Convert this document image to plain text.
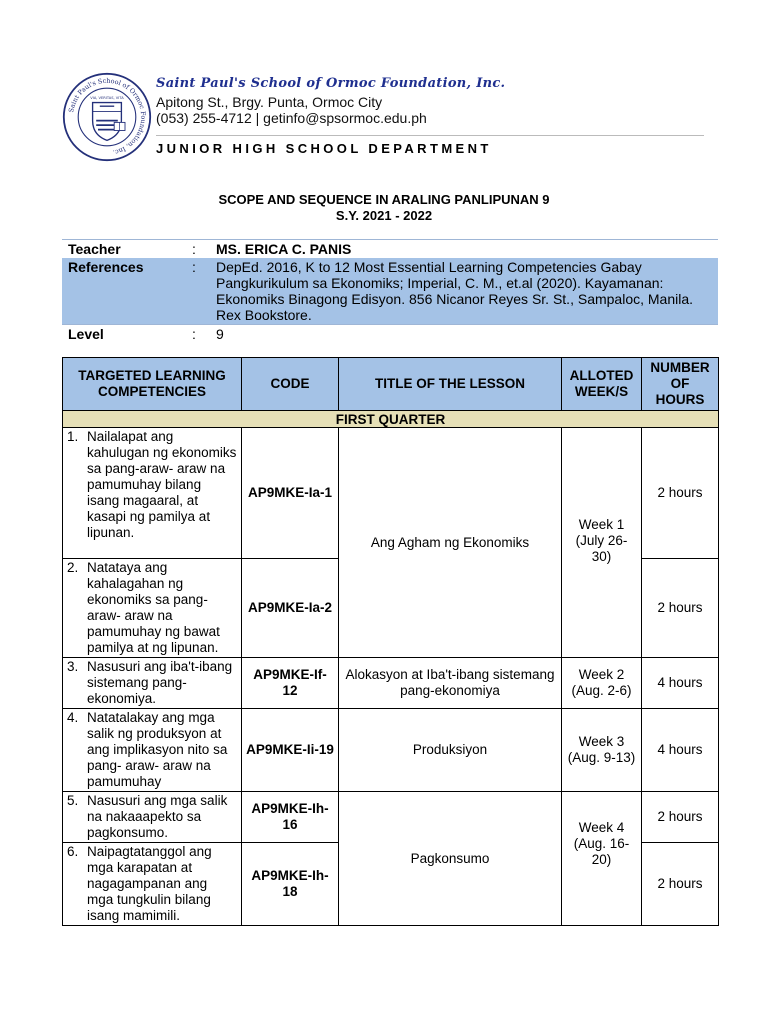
Saint Paul's School of Ormoc Foundation, Inc.
VIA, VERITAS, VITA
Saint Paul's School of Ormoc Foundation, Inc.
Apitong St., Brgy. Punta, Ormoc City
(053) 255-4712 | getinfo@spsormoc.edu.ph
JUNIOR HIGH SCHOOL DEPARTMENT
SCOPE AND SEQUENCE IN ARALING PANLIPUNAN 9
S.Y. 2021 - 2022
Teacher	:	MS. ERICA C. PANIS
References	:	DepEd. 2016, K to 12 Most Essential Learning Competencies Gabay Pangkurikulum sa Ekonomiks; Imperial, C. M., et.al (2020). Kayamanan: Ekonomiks Binagong Edisyon. 856 Nicanor Reyes Sr. St., Sampaloc, Manila. Rex Bookstore.
Level	:	9
TARGETED LEARNING COMPETENCIES	CODE	TITLE OF THE LESSON	ALLOTED WEEK/S	NUMBER OF HOURS
FIRST QUARTER				

1. Nailalapat ang kahulugan ng ekonomiks sa pang-araw- araw na pamumuhay bilang isang magaaral, at kasapi ng pamilya at lipunan.	AP9MKE-Ia-1	Ang Agham ng Ekonomiks	Week 1 (July 26-30)	2 hours

2. Natataya ang kahalagahan ng ekonomiks sa pang-araw- araw na pamumuhay ng bawat pamilya at ng lipunan.	AP9MKE-Ia-2			2 hours

3. Nasusuri ang iba't-ibang sistemang pang-ekonomiya.	AP9MKE-If-12	Alokasyon at Iba't-ibang sistemang pang-ekonomiya	Week 2 (Aug. 2-6)	4 hours

4. Natatalakay ang mga salik ng produksyon at ang implikasyon nito sa pang- araw- araw na pamumuhay	AP9MKE-Ii-19	Produksiyon	Week 3 (Aug. 9-13)	4 hours

5. Nasusuri ang mga salik na nakaaapekto sa pagkonsumo.	AP9MKE-Ih-16	Pagkonsumo	Week 4 (Aug. 16-20)	2 hours

6. Naipagtatanggol ang mga karapatan at nagagampanan ang mga tungkulin bilang isang mamimili.	AP9MKE-Ih-18			2 hours
